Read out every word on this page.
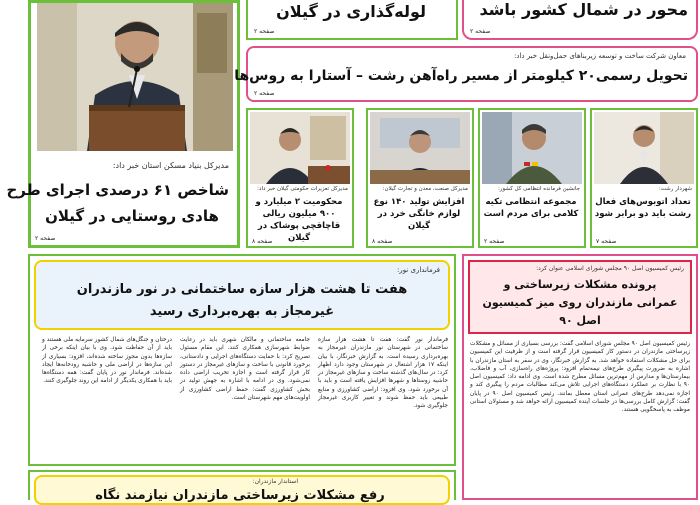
لوله‌گذاری در گیلان
صفحه ۲
محور در شمال کشور باشد
صفحه ۲
مدیرکل بنیاد مسکن استان خبر داد:
شاخص ۶۱ درصدی اجرای طرح
هادی روستایی در گیلان
صفحه ۲
معاون شرکت ساخت و توسعه زیربناهای حمل‌ونقل خبر داد:
تحویل رسمی۲۰ کیلومتر از مسیر راه‌آهن رشت – آستارا به روس‌ها
صفحه ۲
شهردار رشت:
تعداد اتوبوس‌های فعال رشت باید دو برابر شود
صفحه ۷
جانشین فرمانده انتظامی کل کشور:
مجموعه انتظامی تکیه کلامی برای مردم است
صفحه ۲
مدیرکل صنعت، معدن و تجارت گیلان:
افزایش تولید ۱۴۰ نوع لوازم خانگی خرد در گیلان
صفحه ۸
مدیرکل تعزیرات حکومتی گیلان خبر داد:
محکومیت ۲ میلیارد و ۹۰۰ میلیون ریالی قاچاقچی پوشاک در گیلان
صفحه ۸
فرمانداری نور:
هفت تا هشت هزار سازه ساختمانی در نور مازندران
غیرمجاز به بهره‌برداری رسید
فرماندار نور گفت: هفت تا هشت هزار سازه ساختمانی در شهرستان نور مازندران غیرمجاز به بهره‌برداری رسیده است. به گزارش خبرنگار، با بیان اینکه ۱۷ هزار اشتغال در شهرستان وجود دارد اظهار کرد: در سال‌های گذشته ساخت و سازهای غیرمجاز در حاشیه روستاها و شهرها افزایش یافته است و باید با آن برخورد شود. وی افزود: اراضی کشاورزی و منابع طبیعی باید حفظ شوند و تغییر کاربری غیرمجاز جلوگیری شود.
جامعه ساختمانی و مالکان شهری باید در رعایت ضوابط شهرسازی همکاری کنند. این مقام مسئول تصریح کرد: با حمایت دستگاه‌های اجرایی و دادستانی، برخورد قانونی با ساخت و سازهای غیرمجاز در دستور کار قرار گرفته است و اجازه تخریب اراضی داده نمی‌شود. وی در ادامه با اشاره به جهش تولید در بخش کشاورزی گفت: حفظ اراضی کشاورزی از اولویت‌های مهم شهرستان است.
درختان و جنگل‌های شمال کشور سرمایه ملی هستند و باید از آن حفاظت شود. وی با بیان اینکه برخی از سازه‌ها بدون مجوز ساخته شده‌اند، افزود: بسیاری از این سازه‌ها در اراضی ملی و حاشیه رودخانه‌ها ایجاد شده‌اند. فرماندار نور در پایان گفت: همه دستگاه‌ها باید با همکاری یکدیگر از ادامه این روند جلوگیری کنند.
رئیس کمیسیون اصل ۹۰ مجلس شورای اسلامی عنوان کرد:
پرونده مشکلات زیرساختی و
عمرانی مازندران روی میز کمیسیون
اصل ۹۰
رئیس کمیسیون اصل ۹۰ مجلس شورای اسلامی گفت: بررسی بسیاری از مسائل و مشکلات زیرساختی مازندران در دستور کار کمیسیون قرار گرفته است و از ظرفیت این کمیسیون برای حل مشکلات استفاده خواهد شد. به گزارش خبرنگار، وی در سفر به استان مازندران با اشاره به ضرورت پیگیری طرح‌های نیمه‌تمام افزود: پروژه‌های راه‌سازی، آب و فاضلاب، بیمارستان‌ها و مدارس از مهم‌ترین مسائل مطرح شده است. وی ادامه داد: کمیسیون اصل ۹۰ با نظارت بر عملکرد دستگاه‌های اجرایی تلاش می‌کند مطالبات مردم را پیگیری کند و اجازه نمی‌دهد طرح‌های عمرانی استان معطل بمانند. رئیس کمیسیون اصل ۹۰ در پایان گفت: گزارش کامل بررسی‌ها در جلسات آینده کمیسیون ارائه خواهد شد و مسئولان استانی موظف به پاسخگویی هستند.
استاندار مازندران:
رفع مشکلات زیرساختی مازندران نیازمند نگاه
